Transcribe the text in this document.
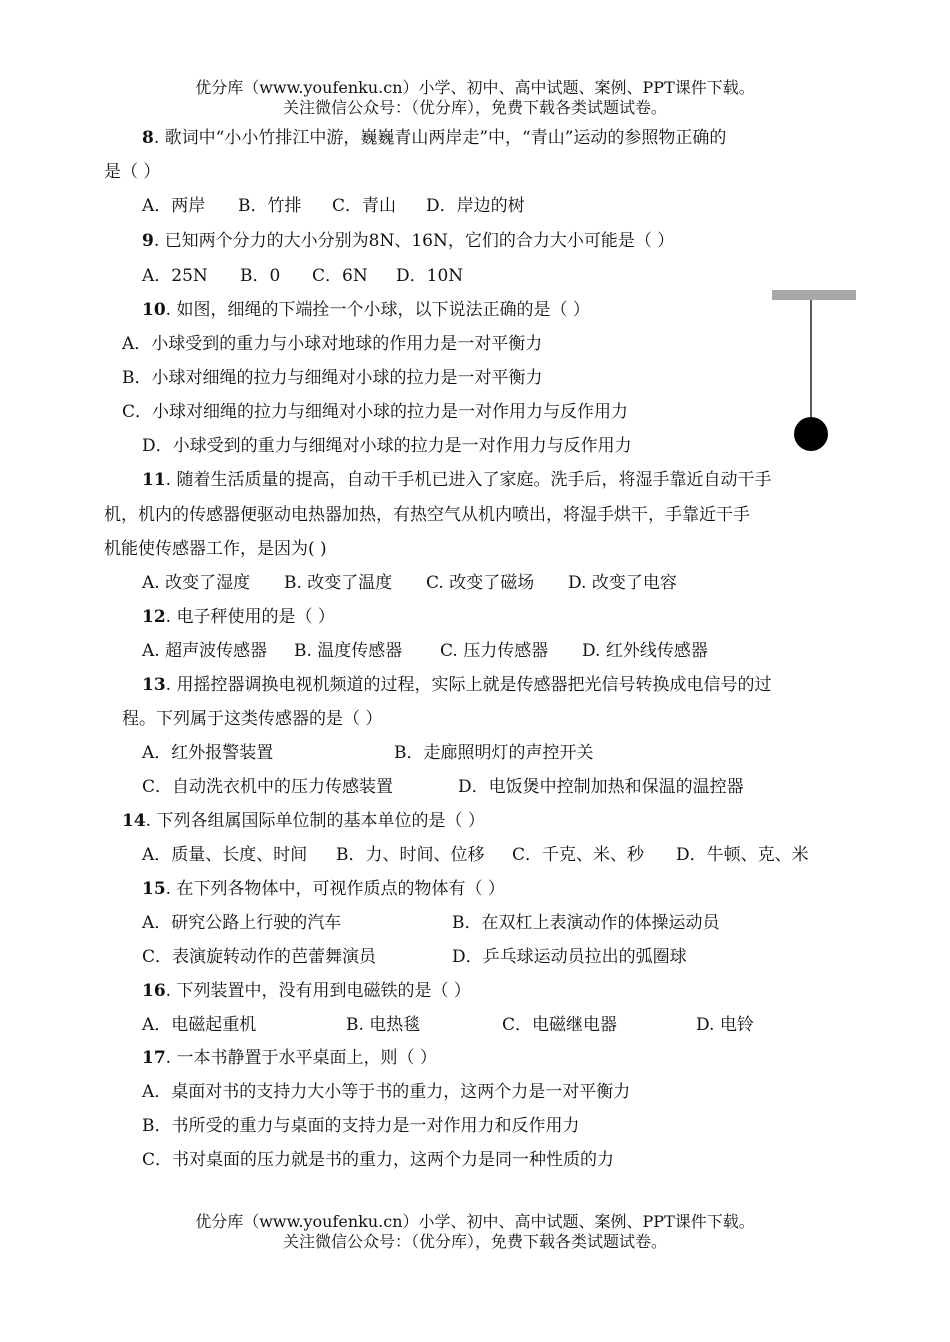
优分库（www.youfenku.cn）小学、初中、高中试题、案例、PPT课件下载。
关注微信公众号：（优分库），免费下载各类试题试卷。
8. 歌词中“小小竹排江中游，巍巍青山两岸走”中，“青山”运动的参照物正确的
是（ ）
A．两岸 B．竹排 C．青山 D．岸边的树
9. 已知两个分力的大小分别为8N、16N，它们的合力大小可能是（ ）
A．25N B．0 C．6N D．10N
10. 如图，细绳的下端拴一个小球，以下说法正确的是（ ）
A．小球受到的重力与小球对地球的作用力是一对平衡力
B．小球对细绳的拉力与细绳对小球的拉力是一对平衡力
C．小球对细绳的拉力与细绳对小球的拉力是一对作用力与反作用力
D．小球受到的重力与细绳对小球的拉力是一对作用力与反作用力
11. 随着生活质量的提高，自动干手机已进入了家庭。洗手后，将湿手靠近自动干手
机，机内的传感器便驱动电热器加热，有热空气从机内喷出，将湿手烘干，手靠近干手
机能使传感器工作，是因为( )
A. 改变了湿度 B. 改变了温度 C. 改变了磁场 D. 改变了电容
12. 电子秤使用的是（ ）
A. 超声波传感器 B. 温度传感器 C. 压力传感器 D. 红外线传感器
13. 用摇控器调换电视机频道的过程，实际上就是传感器把光信号转换成电信号的过
程。下列属于这类传感器的是（ ）
A．红外报警装置	B．走廊照明灯的声控开关
C．自动洗衣机中的压力传感装置	D．电饭煲中控制加热和保温的温控器
14. 下列各组属国际单位制的基本单位的是（ ）
A．质量、长度、时间 B．力、时间、位移 C．千克、米、秒 D．牛顿、克、米
15. 在下列各物体中，可视作质点的物体有（ ）
A．研究公路上行驶的汽车	B．在双杠上表演动作的体操运动员
C．表演旋转动作的芭蕾舞演员	D．乒乓球运动员拉出的弧圈球
16. 下列装置中，没有用到电磁铁的是（ ）
A．电磁起重机	B. 电热毯	C．电磁继电器	D. 电铃
17. 一本书静置于水平桌面上，则（ ）
A．桌面对书的支持力大小等于书的重力，这两个力是一对平衡力
B．书所受的重力与桌面的支持力是一对作用力和反作用力
C．书对桌面的压力就是书的重力，这两个力是同一种性质的力
优分库（www.youfenku.cn）小学、初中、高中试题、案例、PPT课件下载。
关注微信公众号：（优分库），免费下载各类试题试卷。
